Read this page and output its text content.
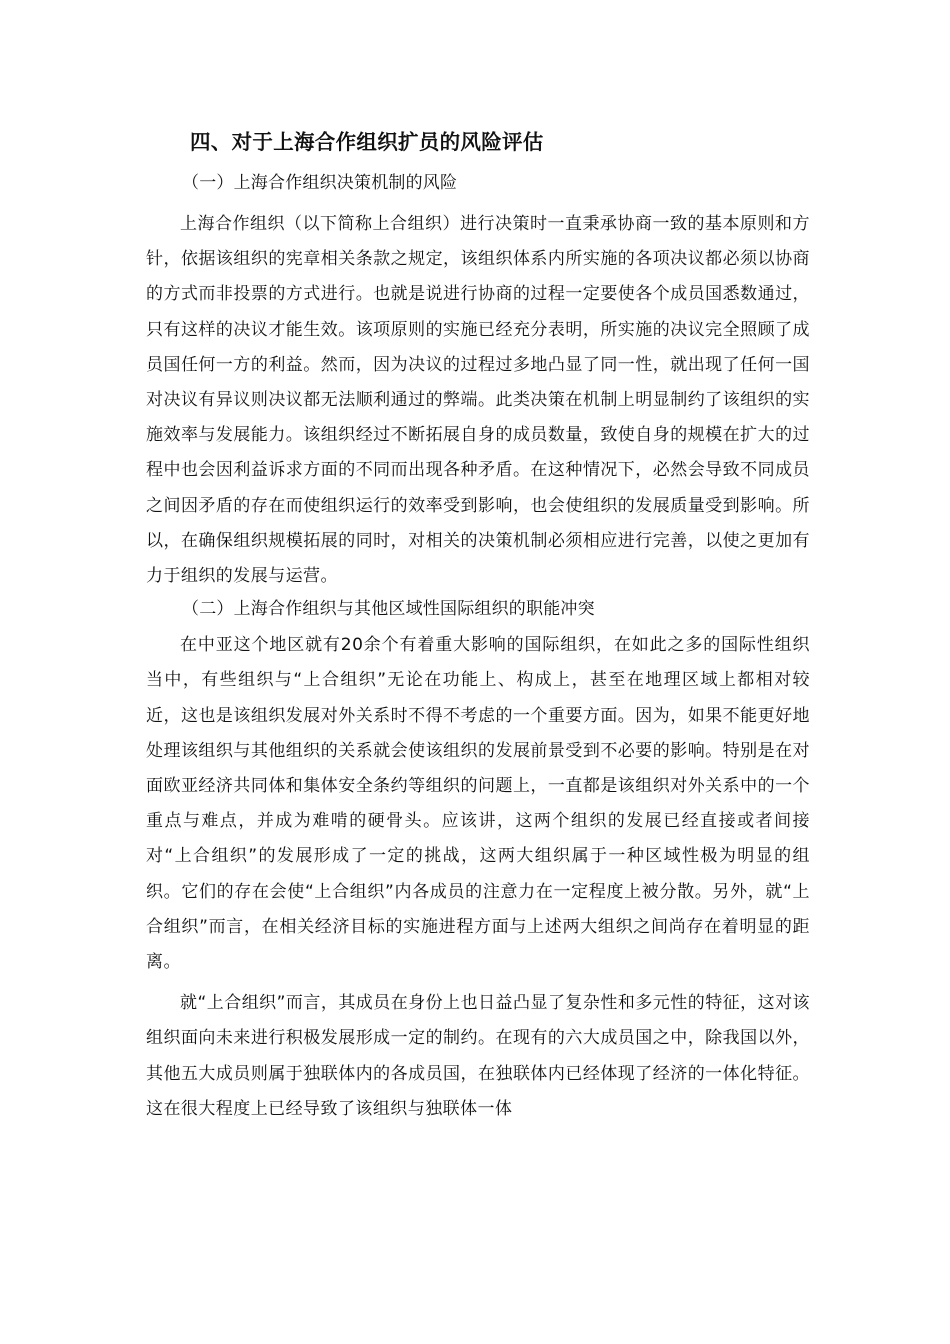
四、对于上海合作组织扩员的风险评估
（一）上海合作组织决策机制的风险

上海合作组织（以下简称上合组织）进行决策时一直秉承协商一致的基本原则和方针，依据该组织的宪章相关条款之规定，该组织体系内所实施的各项决议都必须以协商的方式而非投票的方式进行。也就是说进行协商的过程一定要使各个成员国悉数通过，只有这样的决议才能生效。该项原则的实施已经充分表明，所实施的决议完全照顾了成员国任何一方的利益。然而，因为决议的过程过多地凸显了同一性，就出现了任何一国对决议有异议则决议都无法顺利通过的弊端。此类决策在机制上明显制约了该组织的实施效率与发展能力。该组织经过不断拓展自身的成员数量，致使自身的规模在扩大的过程中也会因利益诉求方面的不同而出现各种矛盾。在这种情况下，必然会导致不同成员之间因矛盾的存在而使组织运行的效率受到影响，也会使组织的发展质量受到影响。所以，在确保组织规模拓展的同时，对相关的决策机制必须相应进行完善，以使之更加有力于组织的发展与运营。

（二）上海合作组织与其他区域性国际组织的职能冲突

在中亚这个地区就有20余个有着重大影响的国际组织，在如此之多的国际性组织当中，有些组织与“上合组织”无论在功能上、构成上，甚至在地理区域上都相对较近，这也是该组织发展对外关系时不得不考虑的一个重要方面。因为，如果不能更好地处理该组织与其他组织的关系就会使该组织的发展前景受到不必要的影响。特别是在对面欧亚经济共同体和集体安全条约等组织的问题上，一直都是该组织对外关系中的一个重点与难点，并成为难啃的硬骨头。应该讲，这两个组织的发展已经直接或者间接对“上合组织”的发展形成了一定的挑战，这两大组织属于一种区域性极为明显的组织。它们的存在会使“上合组织”内各成员的注意力在一定程度上被分散。另外，就“上合组织”而言，在相关经济目标的实施进程方面与上述两大组织之间尚存在着明显的距离。

就“上合组织”而言，其成员在身份上也日益凸显了复杂性和多元性的特征，这对该组织面向未来进行积极发展形成一定的制约。在现有的六大成员国之中，除我国以外，其他五大成员则属于独联体内的各成员国，在独联体内已经体现了经济的一体化特征。这在很大程度上已经导致了该组织与独联体一体
